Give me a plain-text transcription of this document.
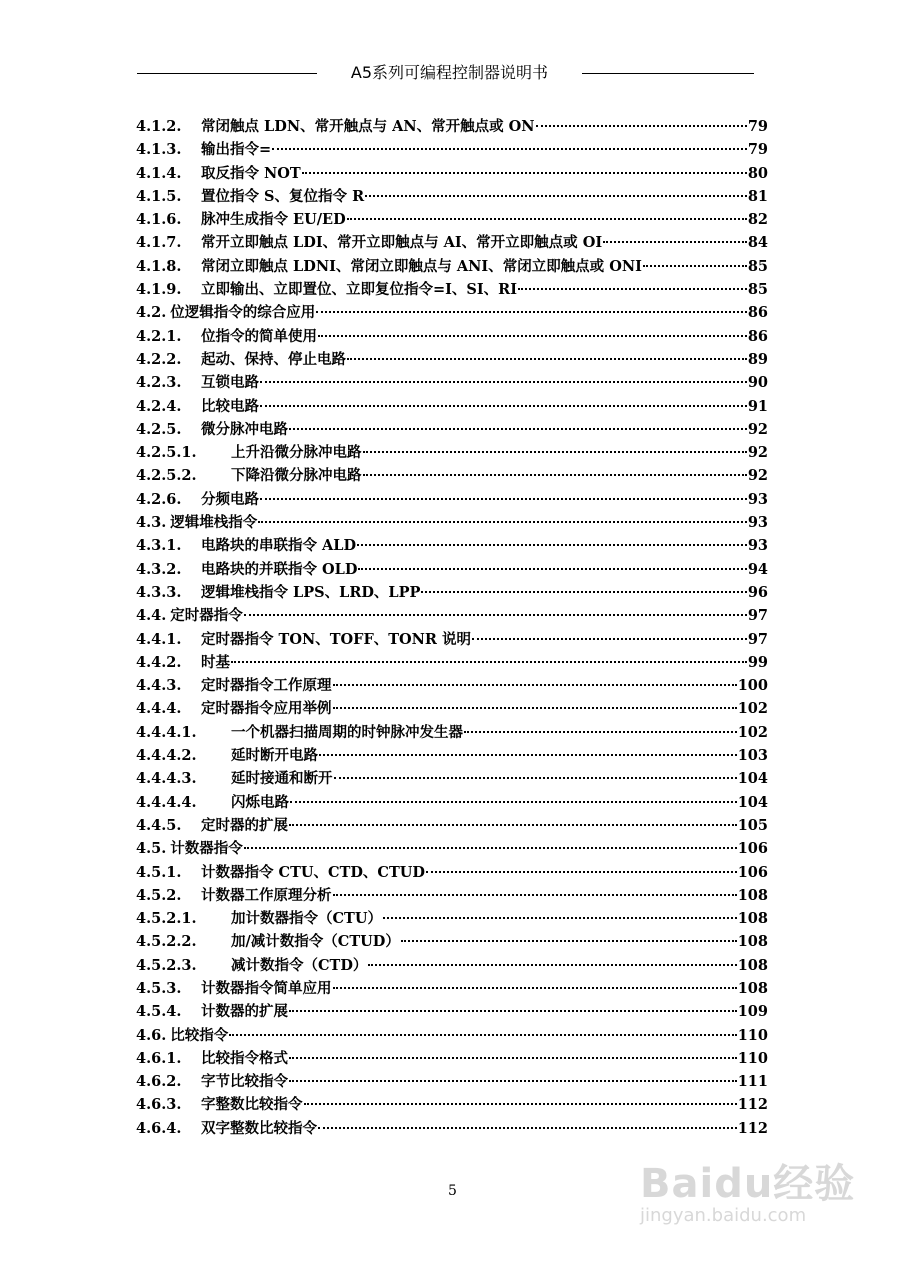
A5系列可编程控制器说明书
4.1.2.	常闭触点 LDN、常开触点与 AN、常开触点或 ON	79
4.1.3.	输出指令=	79
4.1.4.	取反指令 NOT	80
4.1.5.	置位指令 S、复位指令 R	81
4.1.6.	脉冲生成指令 EU/ED	82
4.1.7.	常开立即触点 LDI、常开立即触点与 AI、常开立即触点或 OI	84
4.1.8.	常闭立即触点 LDNI、常闭立即触点与 ANI、常闭立即触点或 ONI	85
4.1.9.	立即输出、立即置位、立即复位指令=I、SI、RI	85
4.2. 位逻辑指令的综合应用	86
4.2.1.	位指令的简单使用	86
4.2.2.	起动、保持、停止电路	89
4.2.3.	互锁电路	90
4.2.4.	比较电路	91
4.2.5.	微分脉冲电路	92
4.2.5.1.	上升沿微分脉冲电路	92
4.2.5.2.	下降沿微分脉冲电路	92
4.2.6.	分频电路	93
4.3. 逻辑堆栈指令	93
4.3.1.	电路块的串联指令 ALD	93
4.3.2.	电路块的并联指令 OLD	94
4.3.3.	逻辑堆栈指令 LPS、LRD、LPP	96
4.4. 定时器指令	97
4.4.1.	定时器指令 TON、TOFF、TONR 说明	97
4.4.2.	时基	99
4.4.3.	定时器指令工作原理	100
4.4.4.	定时器指令应用举例	102
4.4.4.1.	一个机器扫描周期的时钟脉冲发生器	102
4.4.4.2.	延时断开电路	103
4.4.4.3.	延时接通和断开	104
4.4.4.4.	闪烁电路	104
4.4.5.	定时器的扩展	105
4.5. 计数器指令	106
4.5.1.	计数器指令 CTU、CTD、CTUD	106
4.5.2.	计数器工作原理分析	108
4.5.2.1.	加计数器指令（CTU）	108
4.5.2.2.	加/减计数指令（CTUD）	108
4.5.2.3.	减计数指令（CTD）	108
4.5.3.	计数器指令简单应用	108
4.5.4.	计数器的扩展	109
4.6. 比较指令	110
4.6.1.	比较指令格式	110
4.6.2.	字节比较指令	111
4.6.3.	字整数比较指令	112
4.6.4.	双字整数比较指令	112
5	Baidu经验
jingyan.baidu.com
